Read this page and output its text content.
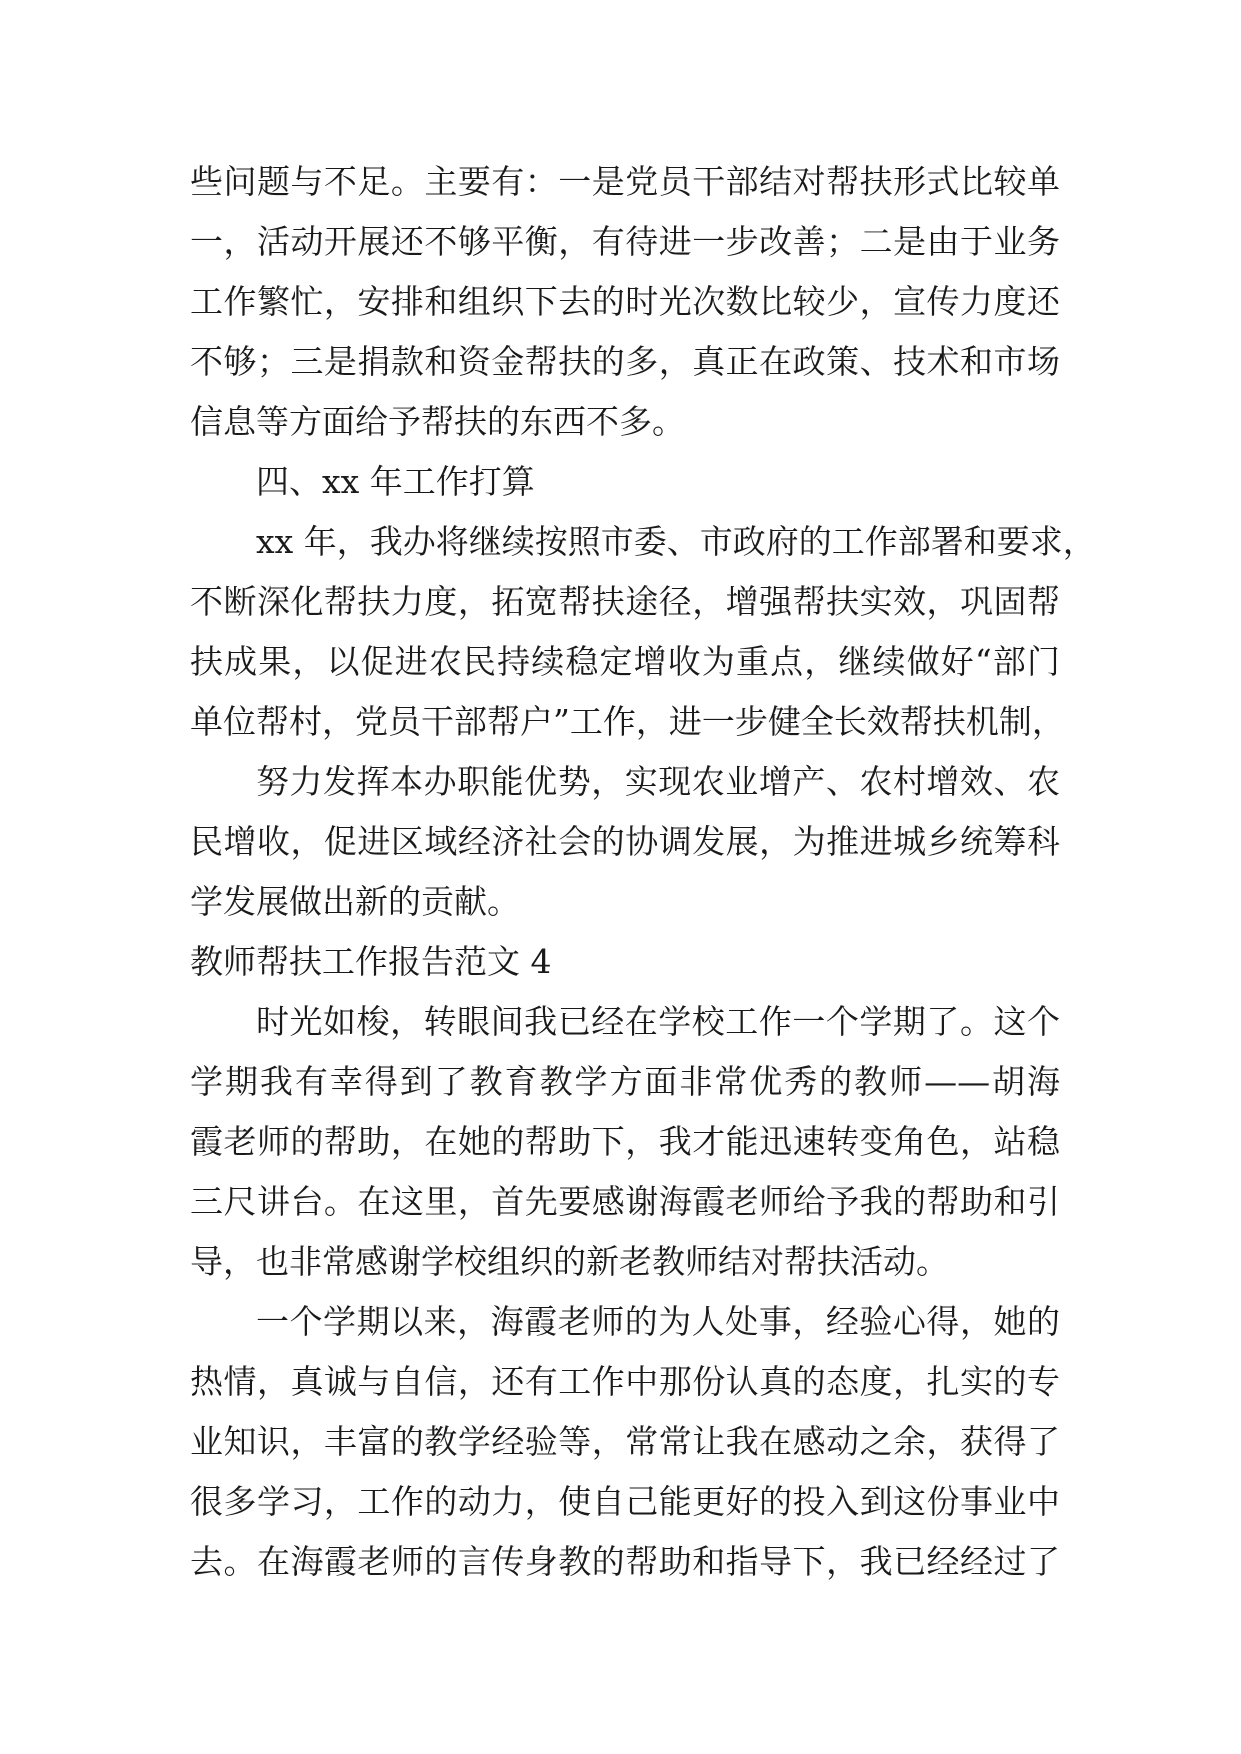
些问题与不足。主要有：一是党员干部结对帮扶形式比较单
一，活动开展还不够平衡，有待进一步改善；二是由于业务
工作繁忙，安排和组织下去的时光次数比较少，宣传力度还
不够；三是捐款和资金帮扶的多，真正在政策、技术和市场
信息等方面给予帮扶的东西不多。
四、xx 年工作打算
xx 年，我办将继续按照市委、市政府的工作部署和要求，
不断深化帮扶力度，拓宽帮扶途径，增强帮扶实效，巩固帮
扶成果，以促进农民持续稳定增收为重点，继续做好“部门
单位帮村，党员干部帮户”工作，进一步健全长效帮扶机制，
努力发挥本办职能优势，实现农业增产、农村增效、农
民增收，促进区域经济社会的协调发展，为推进城乡统筹科
学发展做出新的贡献。
教师帮扶工作报告范文 4
时光如梭，转眼间我已经在学校工作一个学期了。这个
学期我有幸得到了教育教学方面非常优秀的教师——胡海
霞老师的帮助，在她的帮助下，我才能迅速转变角色，站稳
三尺讲台。在这里，首先要感谢海霞老师给予我的帮助和引
导，也非常感谢学校组织的新老教师结对帮扶活动。
一个学期以来，海霞老师的为人处事，经验心得，她的
热情，真诚与自信，还有工作中那份认真的态度，扎实的专
业知识，丰富的教学经验等，常常让我在感动之余，获得了
很多学习，工作的动力，使自己能更好的投入到这份事业中
去。在海霞老师的言传身教的帮助和指导下，我已经经过了
